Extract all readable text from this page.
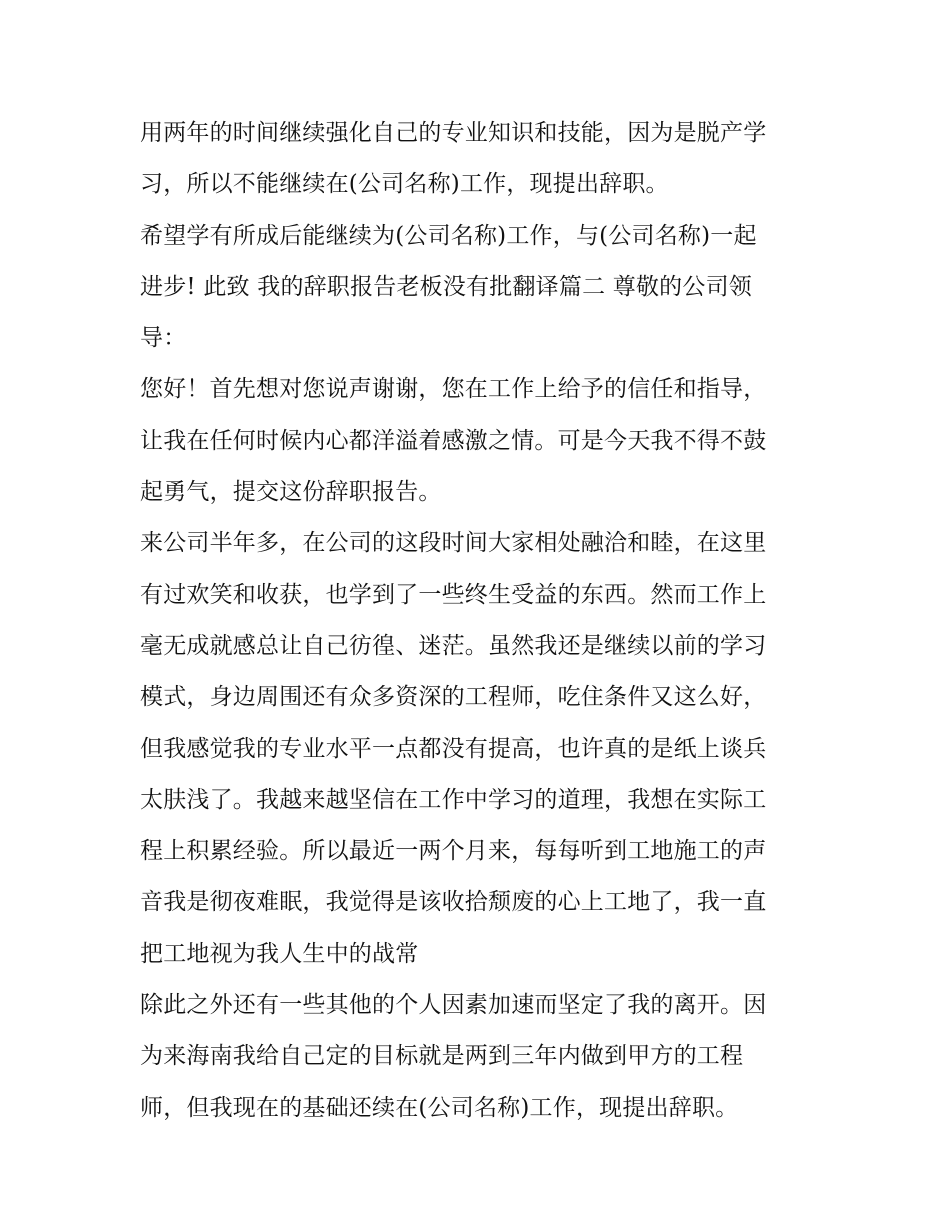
用两年的时间继续强化自己的专业知识和技能，因为是脱产学
习，所以不能继续在(公司名称)工作，现提出辞职。
希望学有所成后能继续为(公司名称)工作，与(公司名称)一起
进步! 此致 我的辞职报告老板没有批翻译篇二 尊敬的公司领
导：
您好！首先想对您说声谢谢，您在工作上给予的信任和指导，
让我在任何时候内心都洋溢着感激之情。可是今天我不得不鼓
起勇气，提交这份辞职报告。
来公司半年多，在公司的这段时间大家相处融洽和睦，在这里
有过欢笑和收获，也学到了一些终生受益的东西。然而工作上
毫无成就感总让自己彷徨、迷茫。虽然我还是继续以前的学习
模式，身边周围还有众多资深的工程师，吃住条件又这么好，
但我感觉我的专业水平一点都没有提高，也许真的是纸上谈兵
太肤浅了。我越来越坚信在工作中学习的道理，我想在实际工
程上积累经验。所以最近一两个月来，每每听到工地施工的声
音我是彻夜难眠，我觉得是该收拾颓废的心上工地了，我一直
把工地视为我人生中的战常
除此之外还有一些其他的个人因素加速而坚定了我的离开。因
为来海南我给自己定的目标就是两到三年内做到甲方的工程
师，但我现在的基础还续在(公司名称)工作，现提出辞职。
